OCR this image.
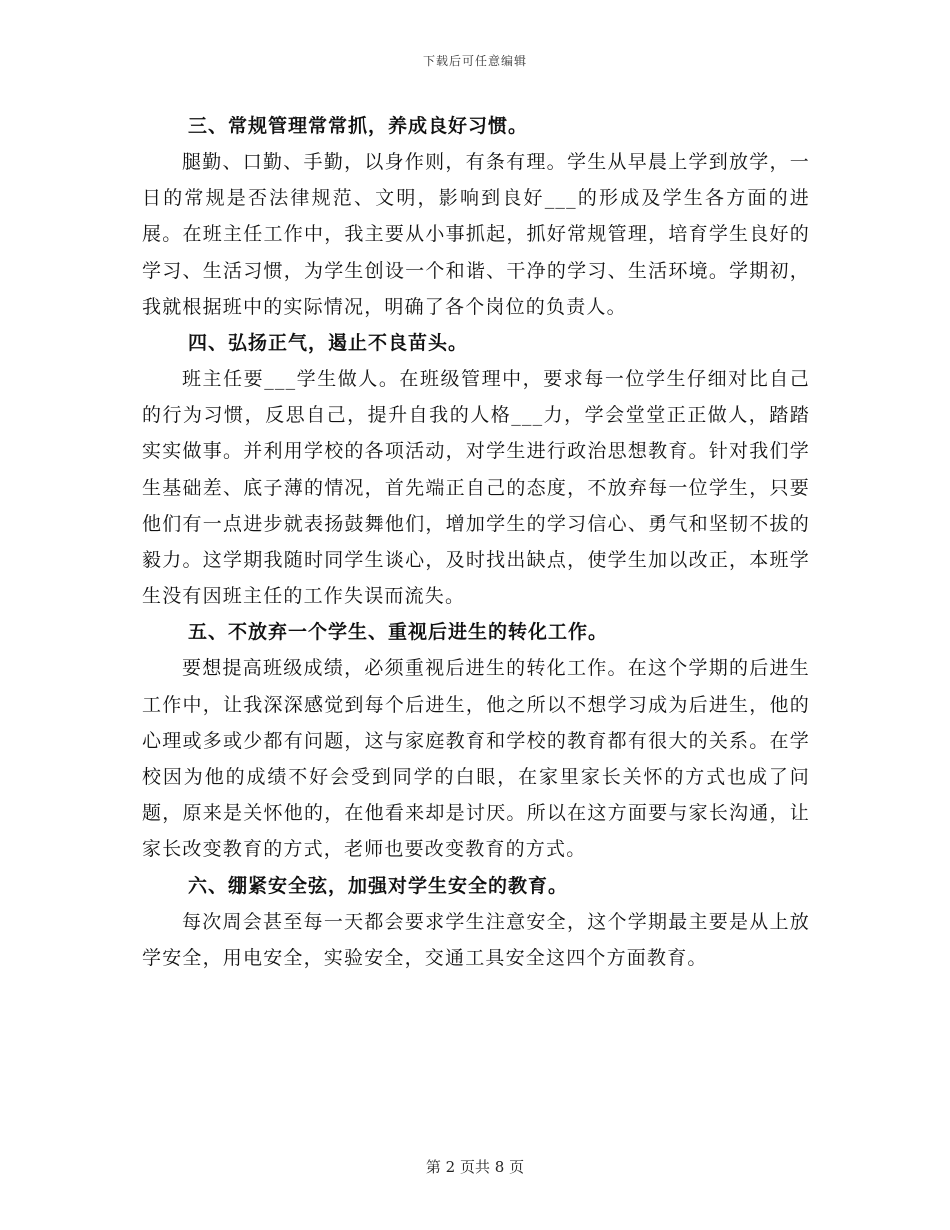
下载后可任意编辑
三、常规管理常常抓，养成良好习惯。

腿勤、口勤、手勤，以身作则，有条有理。学生从早晨上学到放学，一日的常规是否法律规范、文明，影响到良好___的形成及学生各方面的进展。在班主任工作中，我主要从小事抓起，抓好常规管理，培育学生良好的学习、生活习惯，为学生创设一个和谐、干净的学习、生活环境。学期初，我就根据班中的实际情况，明确了各个岗位的负责人。

四、弘扬正气，遏止不良苗头。

班主任要___学生做人。在班级管理中，要求每一位学生仔细对比自己的行为习惯，反思自己，提升自我的人格___力，学会堂堂正正做人，踏踏实实做事。并利用学校的各项活动，对学生进行政治思想教育。针对我们学生基础差、底子薄的情况，首先端正自己的态度，不放弃每一位学生，只要他们有一点进步就表扬鼓舞他们，增加学生的学习信心、勇气和坚韧不拔的毅力。这学期我随时同学生谈心，及时找出缺点，使学生加以改正，本班学生没有因班主任的工作失误而流失。

五、不放弃一个学生、重视后进生的转化工作。

要想提高班级成绩，必须重视后进生的转化工作。在这个学期的后进生工作中，让我深深感觉到每个后进生，他之所以不想学习成为后进生，他的心理或多或少都有问题，这与家庭教育和学校的教育都有很大的关系。在学校因为他的成绩不好会受到同学的白眼，在家里家长关怀的方式也成了问题，原来是关怀他的，在他看来却是讨厌。所以在这方面要与家长沟通，让家长改变教育的方式，老师也要改变教育的方式。

六、绷紧安全弦，加强对学生安全的教育。

每次周会甚至每一天都会要求学生注意安全，这个学期最主要是从上放学安全，用电安全，实验安全，交通工具安全这四个方面教育。

第 2 页共 8 页
